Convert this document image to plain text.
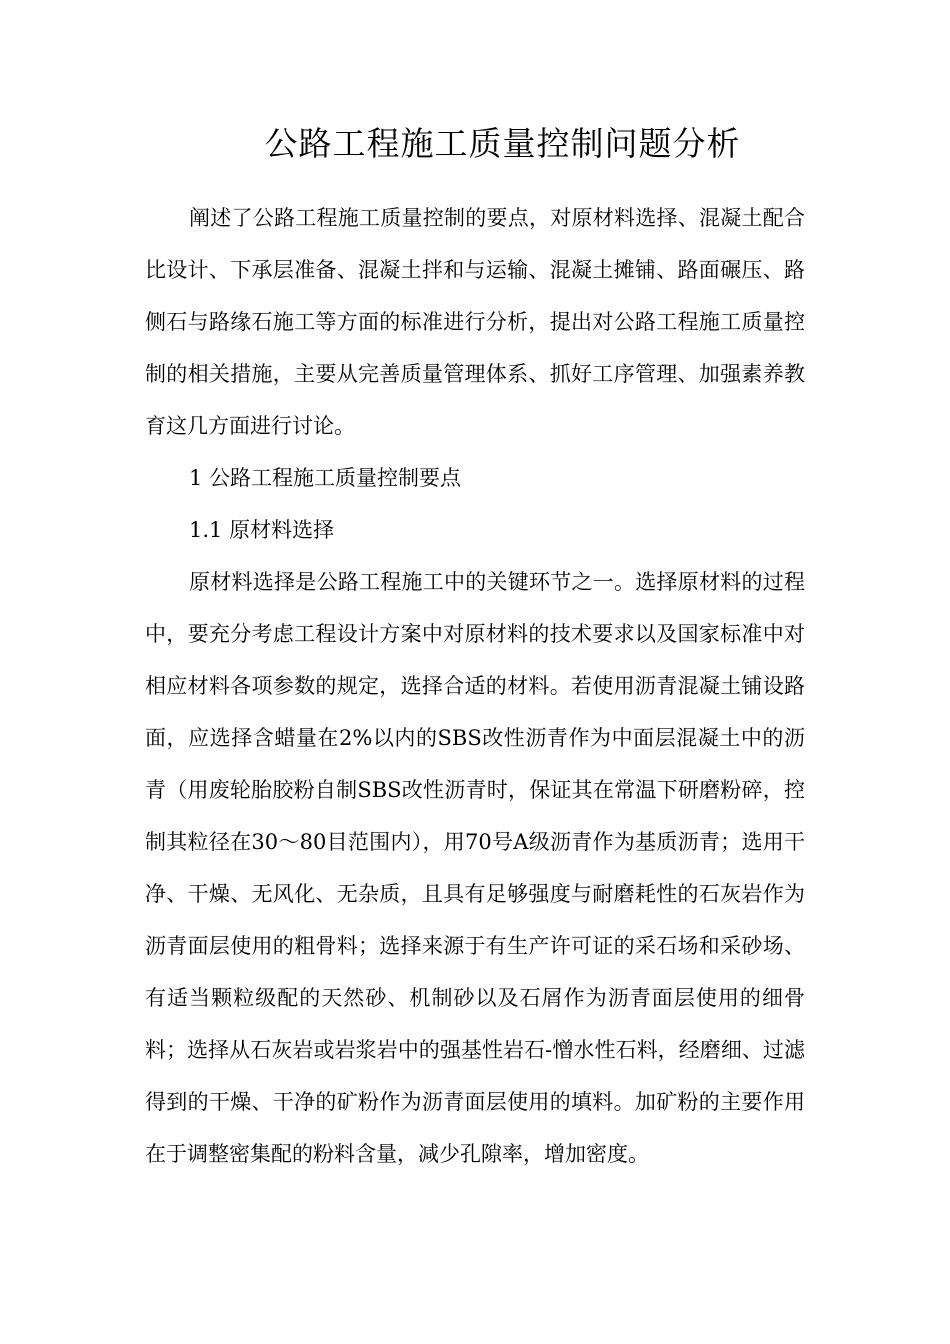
公路工程施工质量控制问题分析

阐述了公路工程施工质量控制的要点，对原材料选择、混凝土配合比设计、下承层准备、混凝土拌和与运输、混凝土摊铺、路面碾压、路侧石与路缘石施工等方面的标准进行分析，提出对公路工程施工质量控制的相关措施，主要从完善质量管理体系、抓好工序管理、加强素养教育这几方面进行讨论。

1 公路工程施工质量控制要点

1.1 原材料选择

原材料选择是公路工程施工中的关键环节之一。选择原材料的过程中，要充分考虑工程设计方案中对原材料的技术要求以及国家标准中对相应材料各项参数的规定，选择合适的材料。若使用沥青混凝土铺设路面，应选择含蜡量在2%以内的SBS改性沥青作为中面层混凝土中的沥青（用废轮胎胶粉自制SBS改性沥青时，保证其在常温下研磨粉碎，控制其粒径在30～80目范围内），用70号A级沥青作为基质沥青；选用干净、干燥、无风化、无杂质，且具有足够强度与耐磨耗性的石灰岩作为沥青面层使用的粗骨料；选择来源于有生产许可证的采石场和采砂场、有适当颗粒级配的天然砂、机制砂以及石屑作为沥青面层使用的细骨料；选择从石灰岩或岩浆岩中的强基性岩石-憎水性石料，经磨细、过滤得到的干燥、干净的矿粉作为沥青面层使用的填料。加矿粉的主要作用在于调整密集配的粉料含量，减少孔隙率，增加密度。
